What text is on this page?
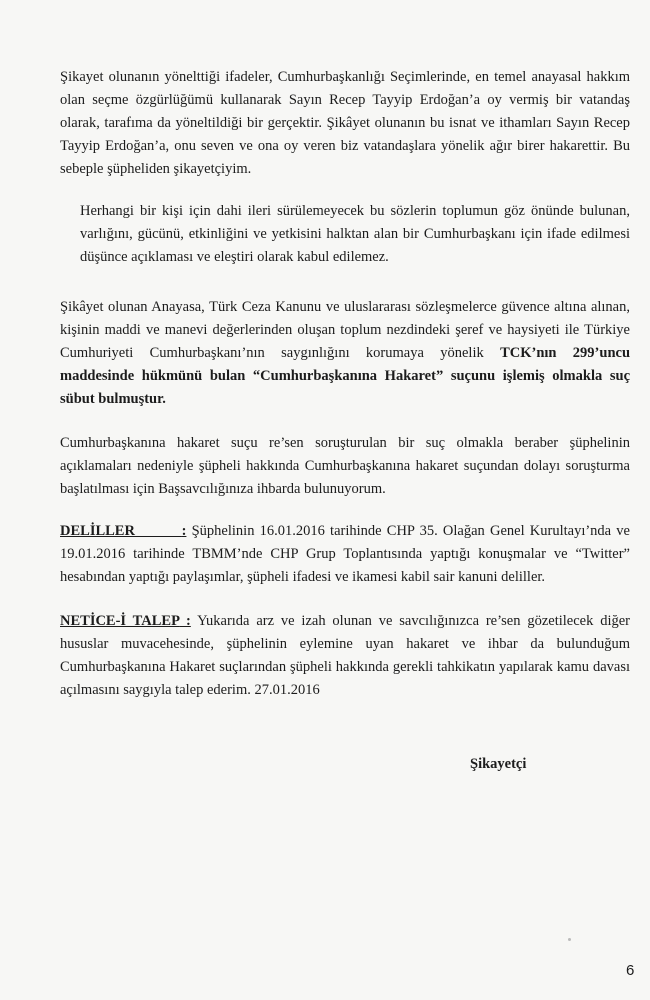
Şikayet olunanın yönelttiği ifadeler, Cumhurbaşkanlığı Seçimlerinde, en temel anayasal hakkım olan seçme özgürlüğümü kullanarak Sayın Recep Tayyip Erdoğan’a oy vermiş bir vatandaş olarak, tarafıma da yöneltildiği bir gerçektir. Şikâyet olunanın bu isnat ve ithamları Sayın Recep Tayyip Erdoğan’a, onu seven ve ona oy veren biz vatandaşlara yönelik ağır birer hakarettir. Bu sebeple şüpheliden şikayetçiyim.

Herhangi bir kişi için dahi ileri sürülemeyecek bu sözlerin toplumun göz önünde bulunan, varlığını, gücünü, etkinliğini ve yetkisini halktan alan bir Cumhurbaşkanı için ifade edilmesi düşünce açıklaması ve eleştiri olarak kabul edilemez.

Şikâyet olunan Anayasa, Türk Ceza Kanunu ve uluslararası sözleşmelerce güvence altına alınan, kişinin maddi ve manevi değerlerinden oluşan toplum nezdindeki şeref ve haysiyeti ile Türkiye Cumhuriyeti Cumhurbaşkanı’nın saygınlığını korumaya yönelik TCK’nın 299’uncu maddesinde hükmünü bulan “Cumhurbaşkanına Hakaret” suçunu işlemiş olmakla suç sübut bulmuştur.

Cumhurbaşkanına hakaret suçu re’sen soruşturulan bir suç olmakla beraber şüphelinin açıklamaları nedeniyle şüpheli hakkında Cumhurbaşkanına hakaret suçundan dolayı soruşturma başlatılması için Başsavcılığınıza ihbarda bulunuyorum.

DELİLLER         : Şüphelinin 16.01.2016 tarihinde CHP 35. Olağan Genel Kurultayı’nda ve 19.01.2016 tarihinde TBMM’nde CHP Grup Toplantısında yaptığı konuşmalar ve “Twitter” hesabından yaptığı paylaşımlar, şüpheli ifadesi ve ikamesi kabil sair kanuni deliller.

NETİCE-İ TALEP : Yukarıda arz ve izah olunan ve savcılığınızca re’sen gözetilecek diğer hususlar muvacehesinde, şüphelinin eylemine uyan hakaret ve ihbar da bulunduğum Cumhurbaşkanına Hakaret suçlarından şüpheli hakkında gerekli tahkikatın yapılarak kamu davası açılmasını saygıyla talep ederim. 27.01.2016

Şikayetçi
6
